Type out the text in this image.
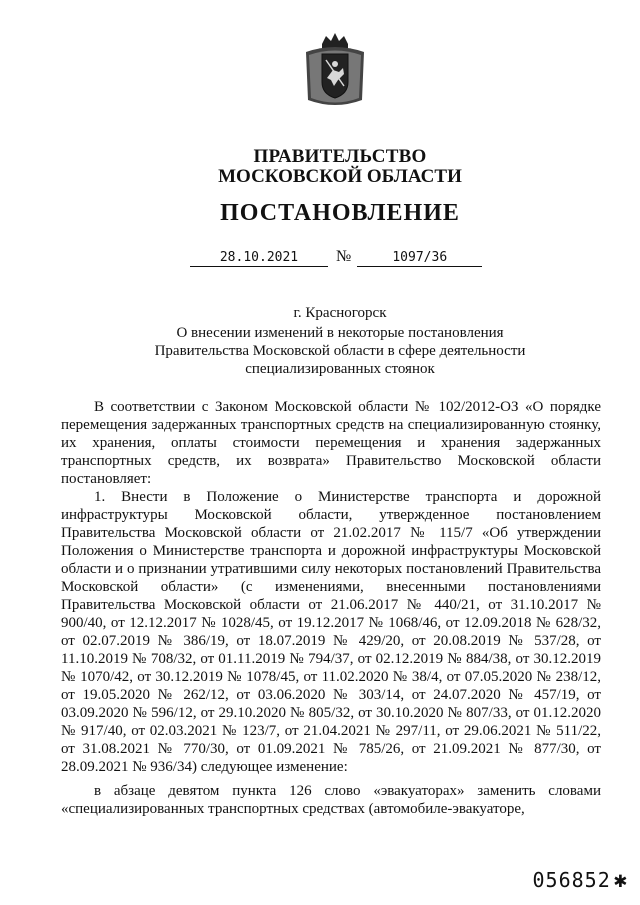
ПРАВИТЕЛЬСТВО
МОСКОВСКОЙ ОБЛАСТИ
ПОСТАНОВЛЕНИЕ
28.10.2021 №	1097/36
г. Красногорск
О внесении изменений в некоторые постановления
Правительства Московской области в сфере деятельности
специализированных стоянок

В соответствии с Законом Московской области № 102/2012-ОЗ «О порядке перемещения задержанных транспортных средств на специализированную стоянку, их хранения, оплаты стоимости перемещения и хранения задержанных транспортных средств, их возврата» Правительство Московской области постановляет:

1. Внести в Положение о Министерстве транспорта и дорожной инфраструктуры Московской области, утвержденное постановлением Правительства Московской области от 21.02.2017 № 115/7 «Об утверждении Положения о Министерстве транспорта и дорожной инфраструктуры Московской области и о признании утратившими силу некоторых постановлений Правительства Московской области» (с изменениями, внесенными постановлениями Правительства Московской области от 21.06.2017 № 440/21, от 31.10.2017 № 900/40, от 12.12.2017 № 1028/45, от 19.12.2017 № 1068/46, от 12.09.2018 № 628/32, от 02.07.2019 № 386/19, от 18.07.2019 № 429/20, от 20.08.2019 № 537/28, от 11.10.2019 № 708/32, от 01.11.2019 № 794/37, от 02.12.2019 № 884/38, от 30.12.2019 № 1070/42, от 30.12.2019 № 1078/45, от 11.02.2020 № 38/4, от 07.05.2020 № 238/12, от 19.05.2020 № 262/12, от 03.06.2020 № 303/14, от 24.07.2020 № 457/19, от 03.09.2020 № 596/12, от 29.10.2020 № 805/32, от 30.10.2020 № 807/33, от 01.12.2020 № 917/40, от 02.03.2021 № 123/7, от 21.04.2021 № 297/11, от 29.06.2021 № 511/22, от 31.08.2021 № 770/30, от 01.09.2021 № 785/26, от 21.09.2021 № 877/30, от 28.09.2021 № 936/34) следующее изменение:

в абзаце девятом пункта 126 слово «эвакуаторах» заменить словами «специализированных транспортных средствах (автомобиле-эвакуаторе,

056852 ✱
